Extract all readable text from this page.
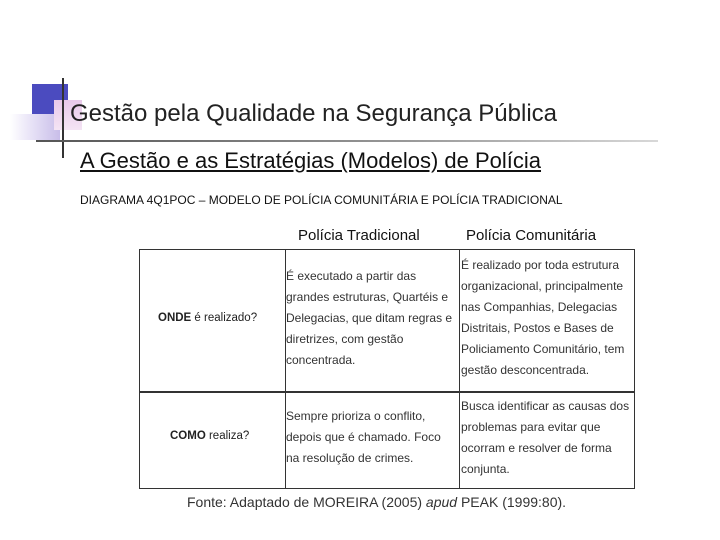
Gestão pela Qualidade na Segurança Pública
A Gestão e as Estratégias (Modelos) de Polícia
DIAGRAMA 4Q1POC – MODELO DE POLÍCIA COMUNITÁRIA E POLÍCIA TRADICIONAL
Polícia Tradicional	Polícia Comunitária
ONDE é realizado?
COMO realiza?
É executado a partir das
grandes estruturas, Quartéis e
Delegacias, que ditam regras e
diretrizes, com gestão
concentrada.
É realizado por toda estrutura
organizacional, principalmente
nas Companhias, Delegacias
Distritais, Postos e Bases de
Policiamento Comunitário, tem
gestão desconcentrada.
Sempre prioriza o conflito,
depois que é chamado. Foco
na resolução de crimes.
Busca identificar as causas dos
problemas para evitar que
ocorram e resolver de forma
conjunta.
Fonte: Adaptado de MOREIRA (2005) apud PEAK (1999:80).
